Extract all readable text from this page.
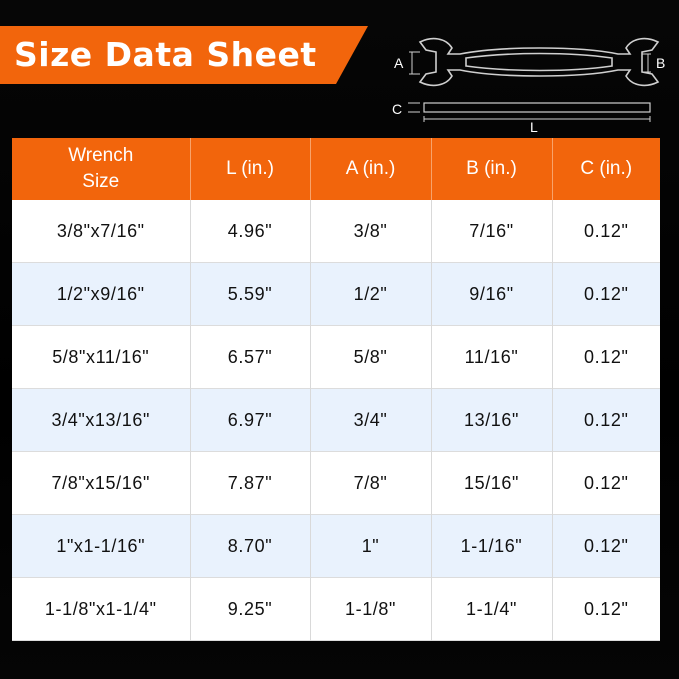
Size Data Sheet	A	B
C
L
Wrench
Size	L (in.)	A (in.)	B (in.)	C (in.)
3/8"x7/16"	4.96"	3/8"	7/16"	0.12"
1/2"x9/16"	5.59"	1/2"	9/16"	0.12"
5/8"x11/16"	6.57"	5/8"	11/16"	0.12"
3/4"x13/16"	6.97"	3/4"	13/16"	0.12"
7/8"x15/16"	7.87"	7/8"	15/16"	0.12"
1"x1-1/16"	8.70"	1"	1-1/16"	0.12"
1-1/8"x1-1/4"	9.25"	1-1/8"	1-1/4"	0.12"
